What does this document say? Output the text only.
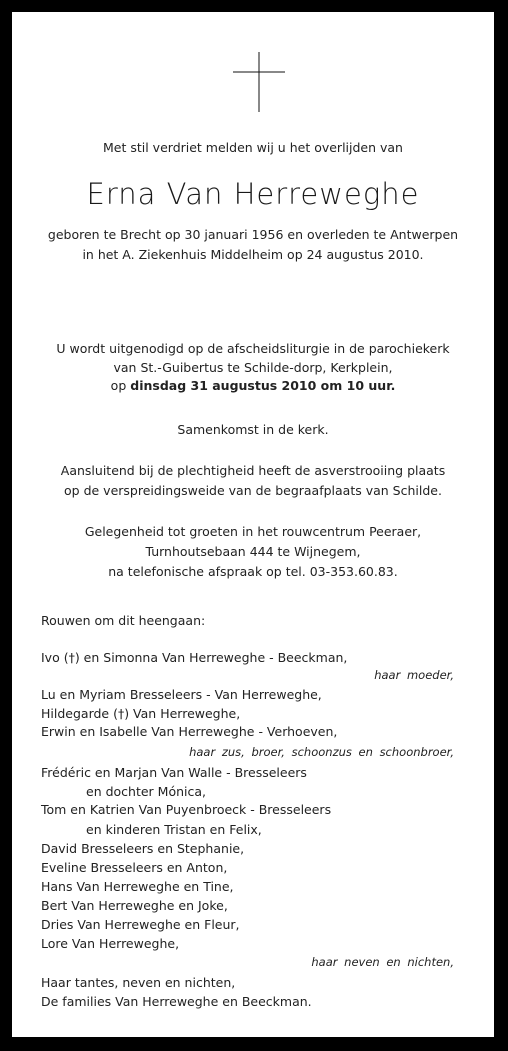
Met stil verdriet melden wij u het overlijden van
Erna Van Herreweghe
geboren te Brecht op 30 januari 1956 en overleden te Antwerpen
in het A. Ziekenhuis Middelheim op 24 augustus 2010.
U wordt uitgenodigd op de afscheidsliturgie in de parochiekerk
van St.-Guibertus te Schilde-dorp, Kerkplein,
op dinsdag 31 augustus 2010 om 10 uur.
Samenkomst in de kerk.
Aansluitend bij de plechtigheid heeft de asverstrooiing plaats
op de verspreidingsweide van de begraafplaats van Schilde.
Gelegenheid tot groeten in het rouwcentrum Peeraer,
Turnhoutsebaan 444 te Wijnegem,
na telefonische afspraak op tel. 03-353.60.83.
Rouwen om dit heengaan:
Ivo (†) en Simonna Van Herreweghe - Beeckman,
haar moeder,
Lu en Myriam Bresseleers - Van Herreweghe,
Hildegarde (†) Van Herreweghe,
Erwin en Isabelle Van Herreweghe - Verhoeven,
haar zus, broer, schoonzus en schoonbroer,
Frédéric en Marjan Van Walle - Bresseleers
en dochter Mónica,
Tom en Katrien Van Puyenbroeck - Bresseleers
en kinderen Tristan en Felix,
David Bresseleers en Stephanie,
Eveline Bresseleers en Anton,
Hans Van Herreweghe en Tine,
Bert Van Herreweghe en Joke,
Dries Van Herreweghe en Fleur,
Lore Van Herreweghe,
haar neven en nichten,
Haar tantes, neven en nichten,
De families Van Herreweghe en Beeckman.
